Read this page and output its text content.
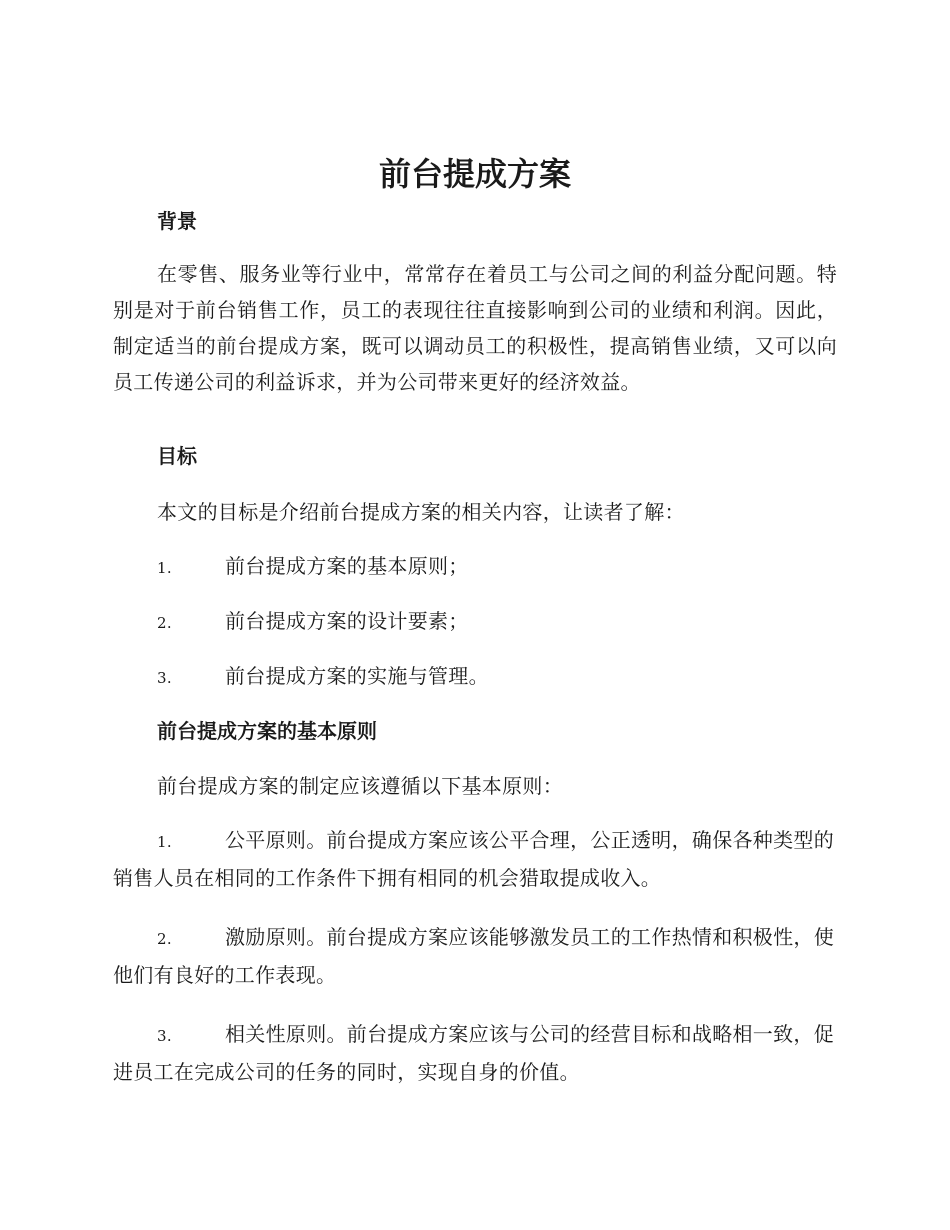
前台提成方案
背景

在零售、服务业等行业中，常常存在着员工与公司之间的利益分配问题。特别是对于前台销售工作，员工的表现往往直接影响到公司的业绩和利润。因此，制定适当的前台提成方案，既可以调动员工的积极性，提高销售业绩，又可以向员工传递公司的利益诉求，并为公司带来更好的经济效益。

目标

本文的目标是介绍前台提成方案的相关内容，让读者了解：

1.	前台提成方案的基本原则；

2.	前台提成方案的设计要素；

3.	前台提成方案的实施与管理。

前台提成方案的基本原则

前台提成方案的制定应该遵循以下基本原则：

1.	公平原则。前台提成方案应该公平合理，公正透明，确保各种类型的销售人员在相同的工作条件下拥有相同的机会猎取提成收入。

2.	激励原则。前台提成方案应该能够激发员工的工作热情和积极性，使他们有良好的工作表现。

3.	相关性原则。前台提成方案应该与公司的经营目标和战略相一致，促进员工在完成公司的任务的同时，实现自身的价值。
